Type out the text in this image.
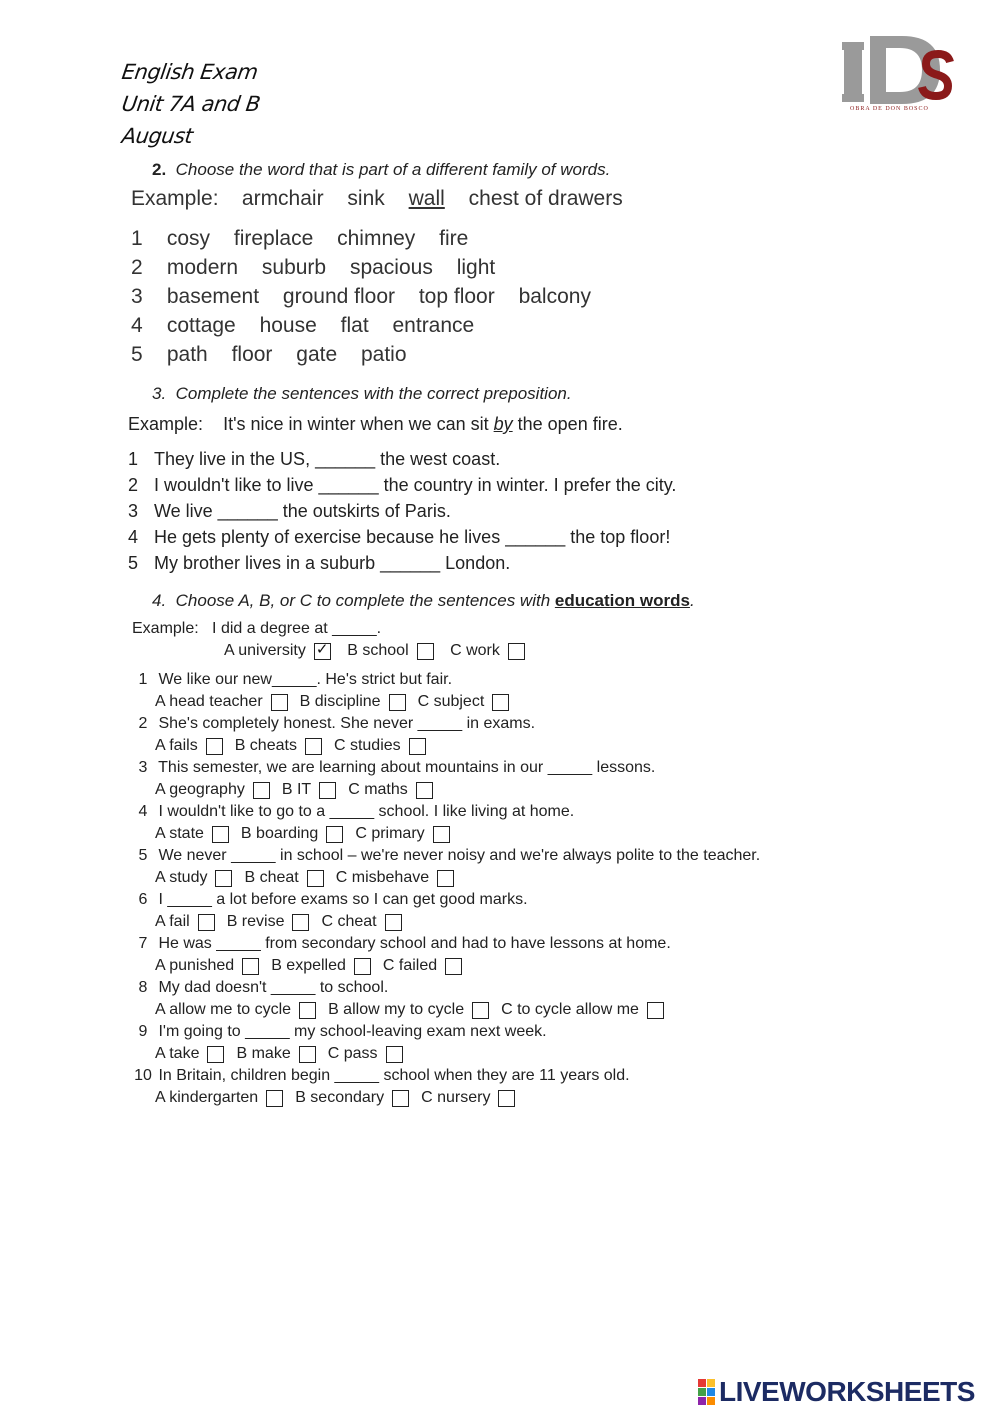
English Exam
Unit 7A and B
August
OBRA DE DON BOSCO
2. Choose the word that is part of a different family of words.
Example: armchair sink wall chest of drawers
1 cosy fireplace chimney fire
2 modern suburb spacious light
3 basement ground floor top floor balcony
4 cottage house flat entrance
5 path floor gate patio
3. Complete the sentences with the correct preposition.
Example: It's nice in winter when we can sit by the open fire.
1 They live in the US, ______ the west coast.
2 I wouldn't like to live ______ the country in winter. I prefer the city.
3 We live ______ the outskirts of Paris.
4 He gets plenty of exercise because he lives ______ the top floor!
5 My brother lives in a suburb ______ London.
4. Choose A, B, or C to complete the sentences with education words.
Example: I did a degree at _____.
A university ✓
	B school
	C work
1 We like our new_____. He's strict but fair.
A head teacher B discipline C subject
2 She's completely honest. She never _____ in exams.
A fails B cheats C studies
3 This semester, we are learning about mountains in our _____ lessons.
A geography B IT C maths
4 I wouldn't like to go to a _____ school. I like living at home.
A state B boarding C primary
5 We never _____ in school – we're never noisy and we're always polite to the teacher.
A study B cheat C misbehave
6 I _____ a lot before exams so I can get good marks.
A fail B revise C cheat
7 He was _____ from secondary school and had to have lessons at home.
A punished B expelled C failed
8 My dad doesn't _____ to school.
A allow me to cycle B allow my to cycle C to cycle allow me
9 I'm going to _____ my school-leaving exam next week.
A take B make C pass
10 In Britain, children begin _____ school when they are 11 years old.
A kindergarten B secondary C nursery
LIVEWORKSHEETS
